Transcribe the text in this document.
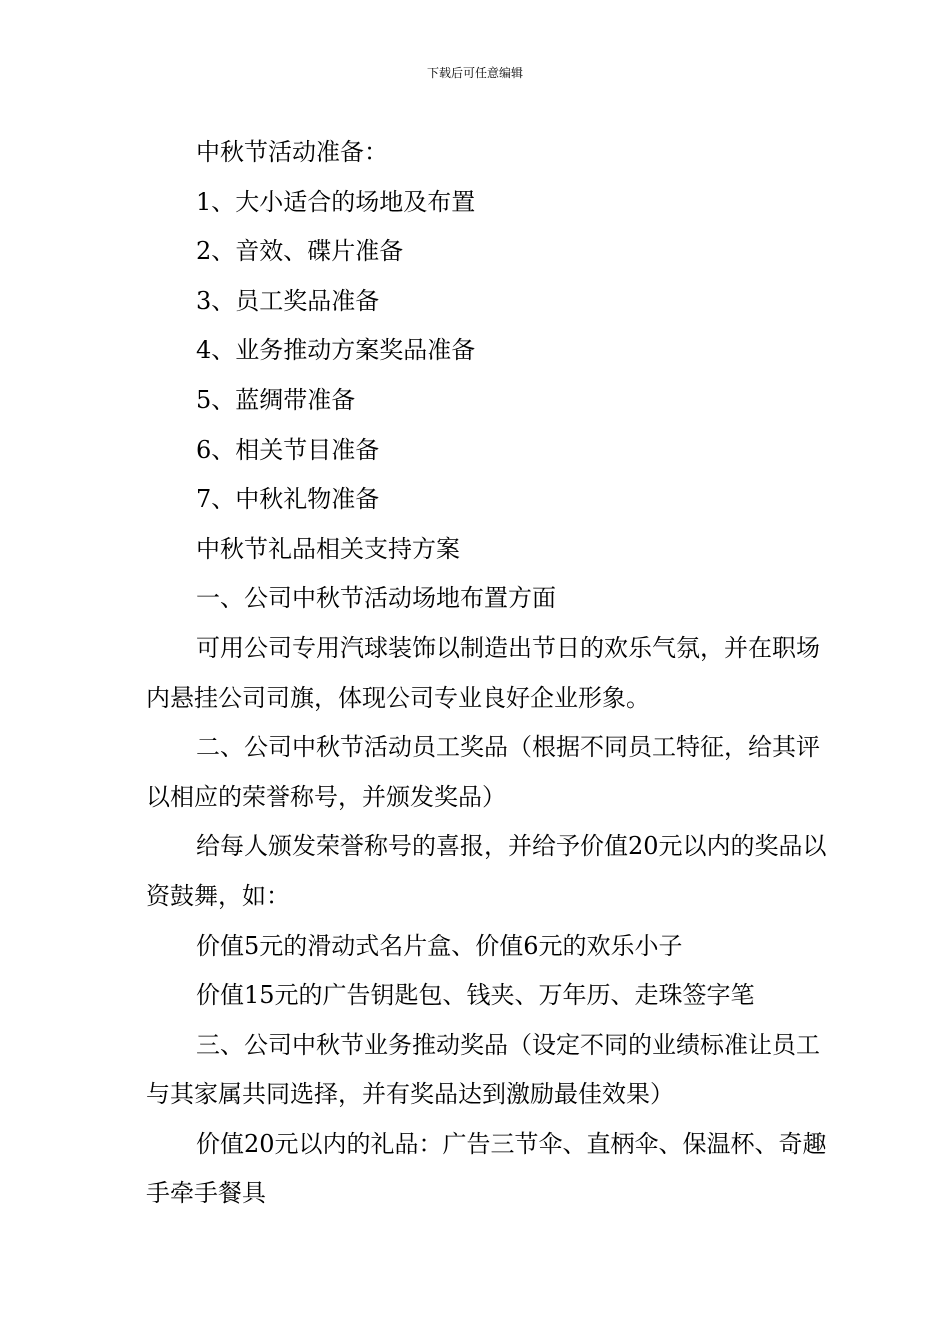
下载后可任意编辑

中秋节活动准备：

1、大小适合的场地及布置

2、音效、碟片准备

3、员工奖品准备

4、业务推动方案奖品准备

5、蓝绸带准备

6、相关节目准备

7、中秋礼物准备

中秋节礼品相关支持方案

一、公司中秋节活动场地布置方面

可用公司专用汽球装饰以制造出节日的欢乐气氛，并在职场内悬挂公司司旗，体现公司专业良好企业形象。

二、公司中秋节活动员工奖品（根据不同员工特征，给其评以相应的荣誉称号，并颁发奖品）

给每人颁发荣誉称号的喜报，并给予价值20元以内的奖品以资鼓舞，如：

价值5元的滑动式名片盒、价值6元的欢乐小子

价值15元的广告钥匙包、钱夹、万年历、走珠签字笔

三、公司中秋节业务推动奖品（设定不同的业绩标准让员工与其家属共同选择，并有奖品达到激励最佳效果）

价值20元以内的礼品：广告三节伞、直柄伞、保温杯、奇趣手牵手餐具
